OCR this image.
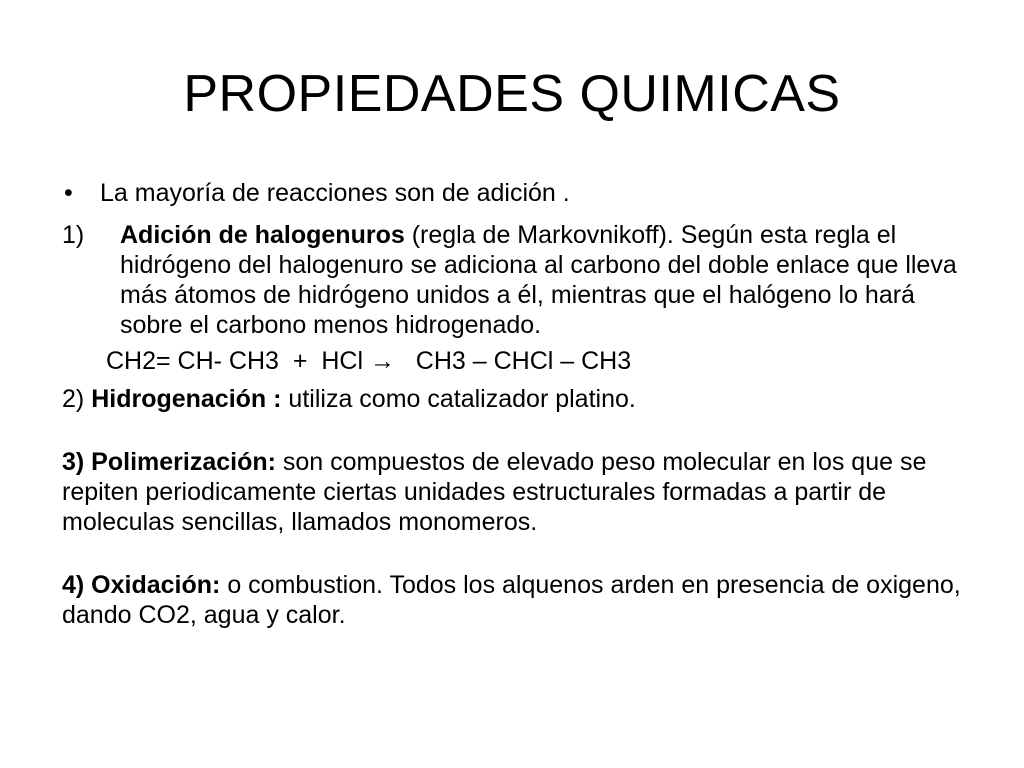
PROPIEDADES QUIMICAS

• La mayoría de reacciones son de adición .

1) Adición de halogenuros (regla de Markovnikoff). Según esta regla el hidrógeno del halogenuro se adiciona al carbono del doble enlace que lleva más átomos de hidrógeno unidos a él, mientras que el halógeno lo hará sobre el carbono menos hidrogenado.

CH2= CH- CH3  +  HCl →   CH3 – CHCl – CH3

2) Hidrogenación : utiliza como catalizador platino.

3) Polimerización: son compuestos de elevado peso molecular en los que se repiten periodicamente ciertas unidades estructurales formadas a partir de moleculas sencillas, llamados monomeros.

4) Oxidación: o combustion. Todos los alquenos arden en presencia de oxigeno, dando CO2, agua y calor.
